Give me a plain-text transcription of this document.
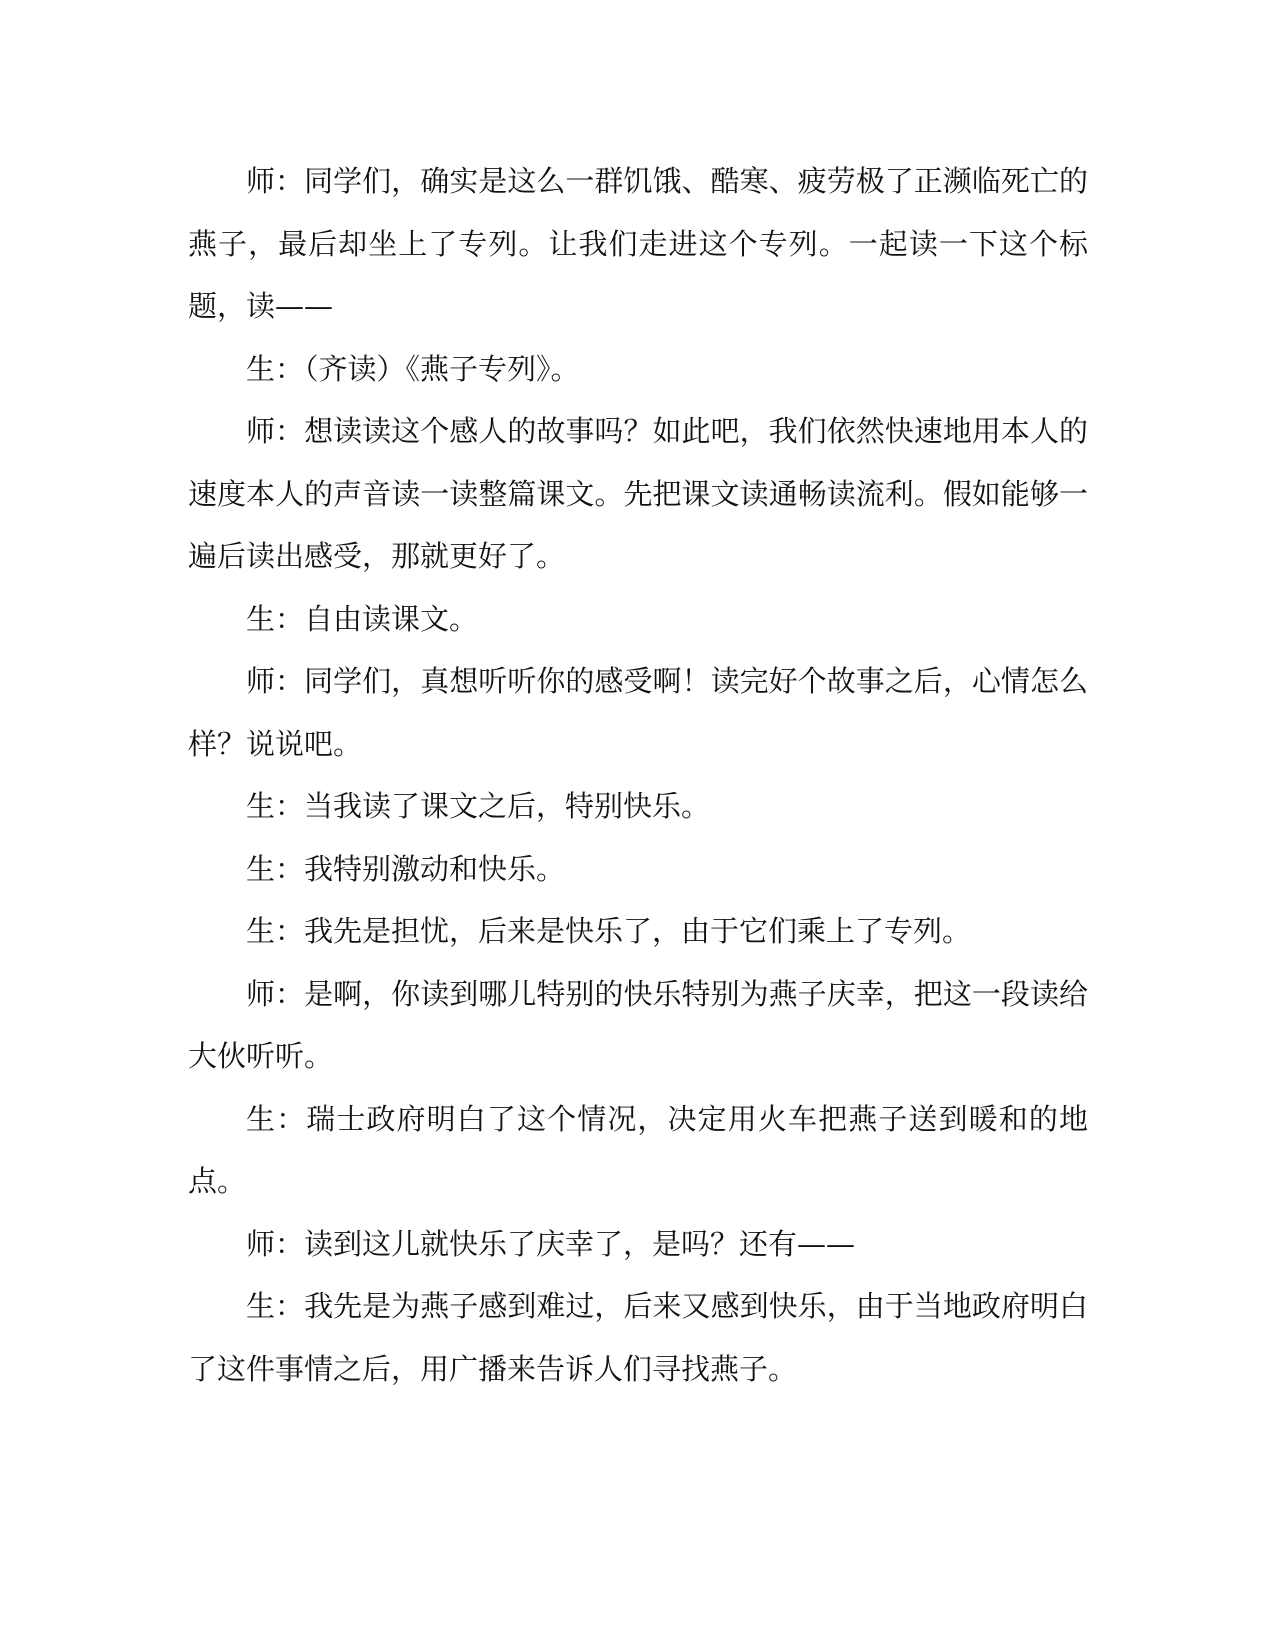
师：同学们，确实是这么一群饥饿、酷寒、疲劳极了正濒临死亡的燕子，最后却坐上了专列。让我们走进这个专列。一起读一下这个标题，读——

生：（齐读）《燕子专列》。

师：想读读这个感人的故事吗？如此吧，我们依然快速地用本人的速度本人的声音读一读整篇课文。先把课文读通畅读流利。假如能够一遍后读出感受，那就更好了。

生：自由读课文。

师：同学们，真想听听你的感受啊！读完好个故事之后，心情怎么样？说说吧。

生：当我读了课文之后，特别快乐。

生：我特别激动和快乐。

生：我先是担忧，后来是快乐了，由于它们乘上了专列。

师：是啊，你读到哪儿特别的快乐特别为燕子庆幸，把这一段读给大伙听听。

生：瑞士政府明白了这个情况，决定用火车把燕子送到暖和的地点。

师：读到这儿就快乐了庆幸了，是吗？还有——

生：我先是为燕子感到难过，后来又感到快乐，由于当地政府明白了这件事情之后，用广播来告诉人们寻找燕子。
